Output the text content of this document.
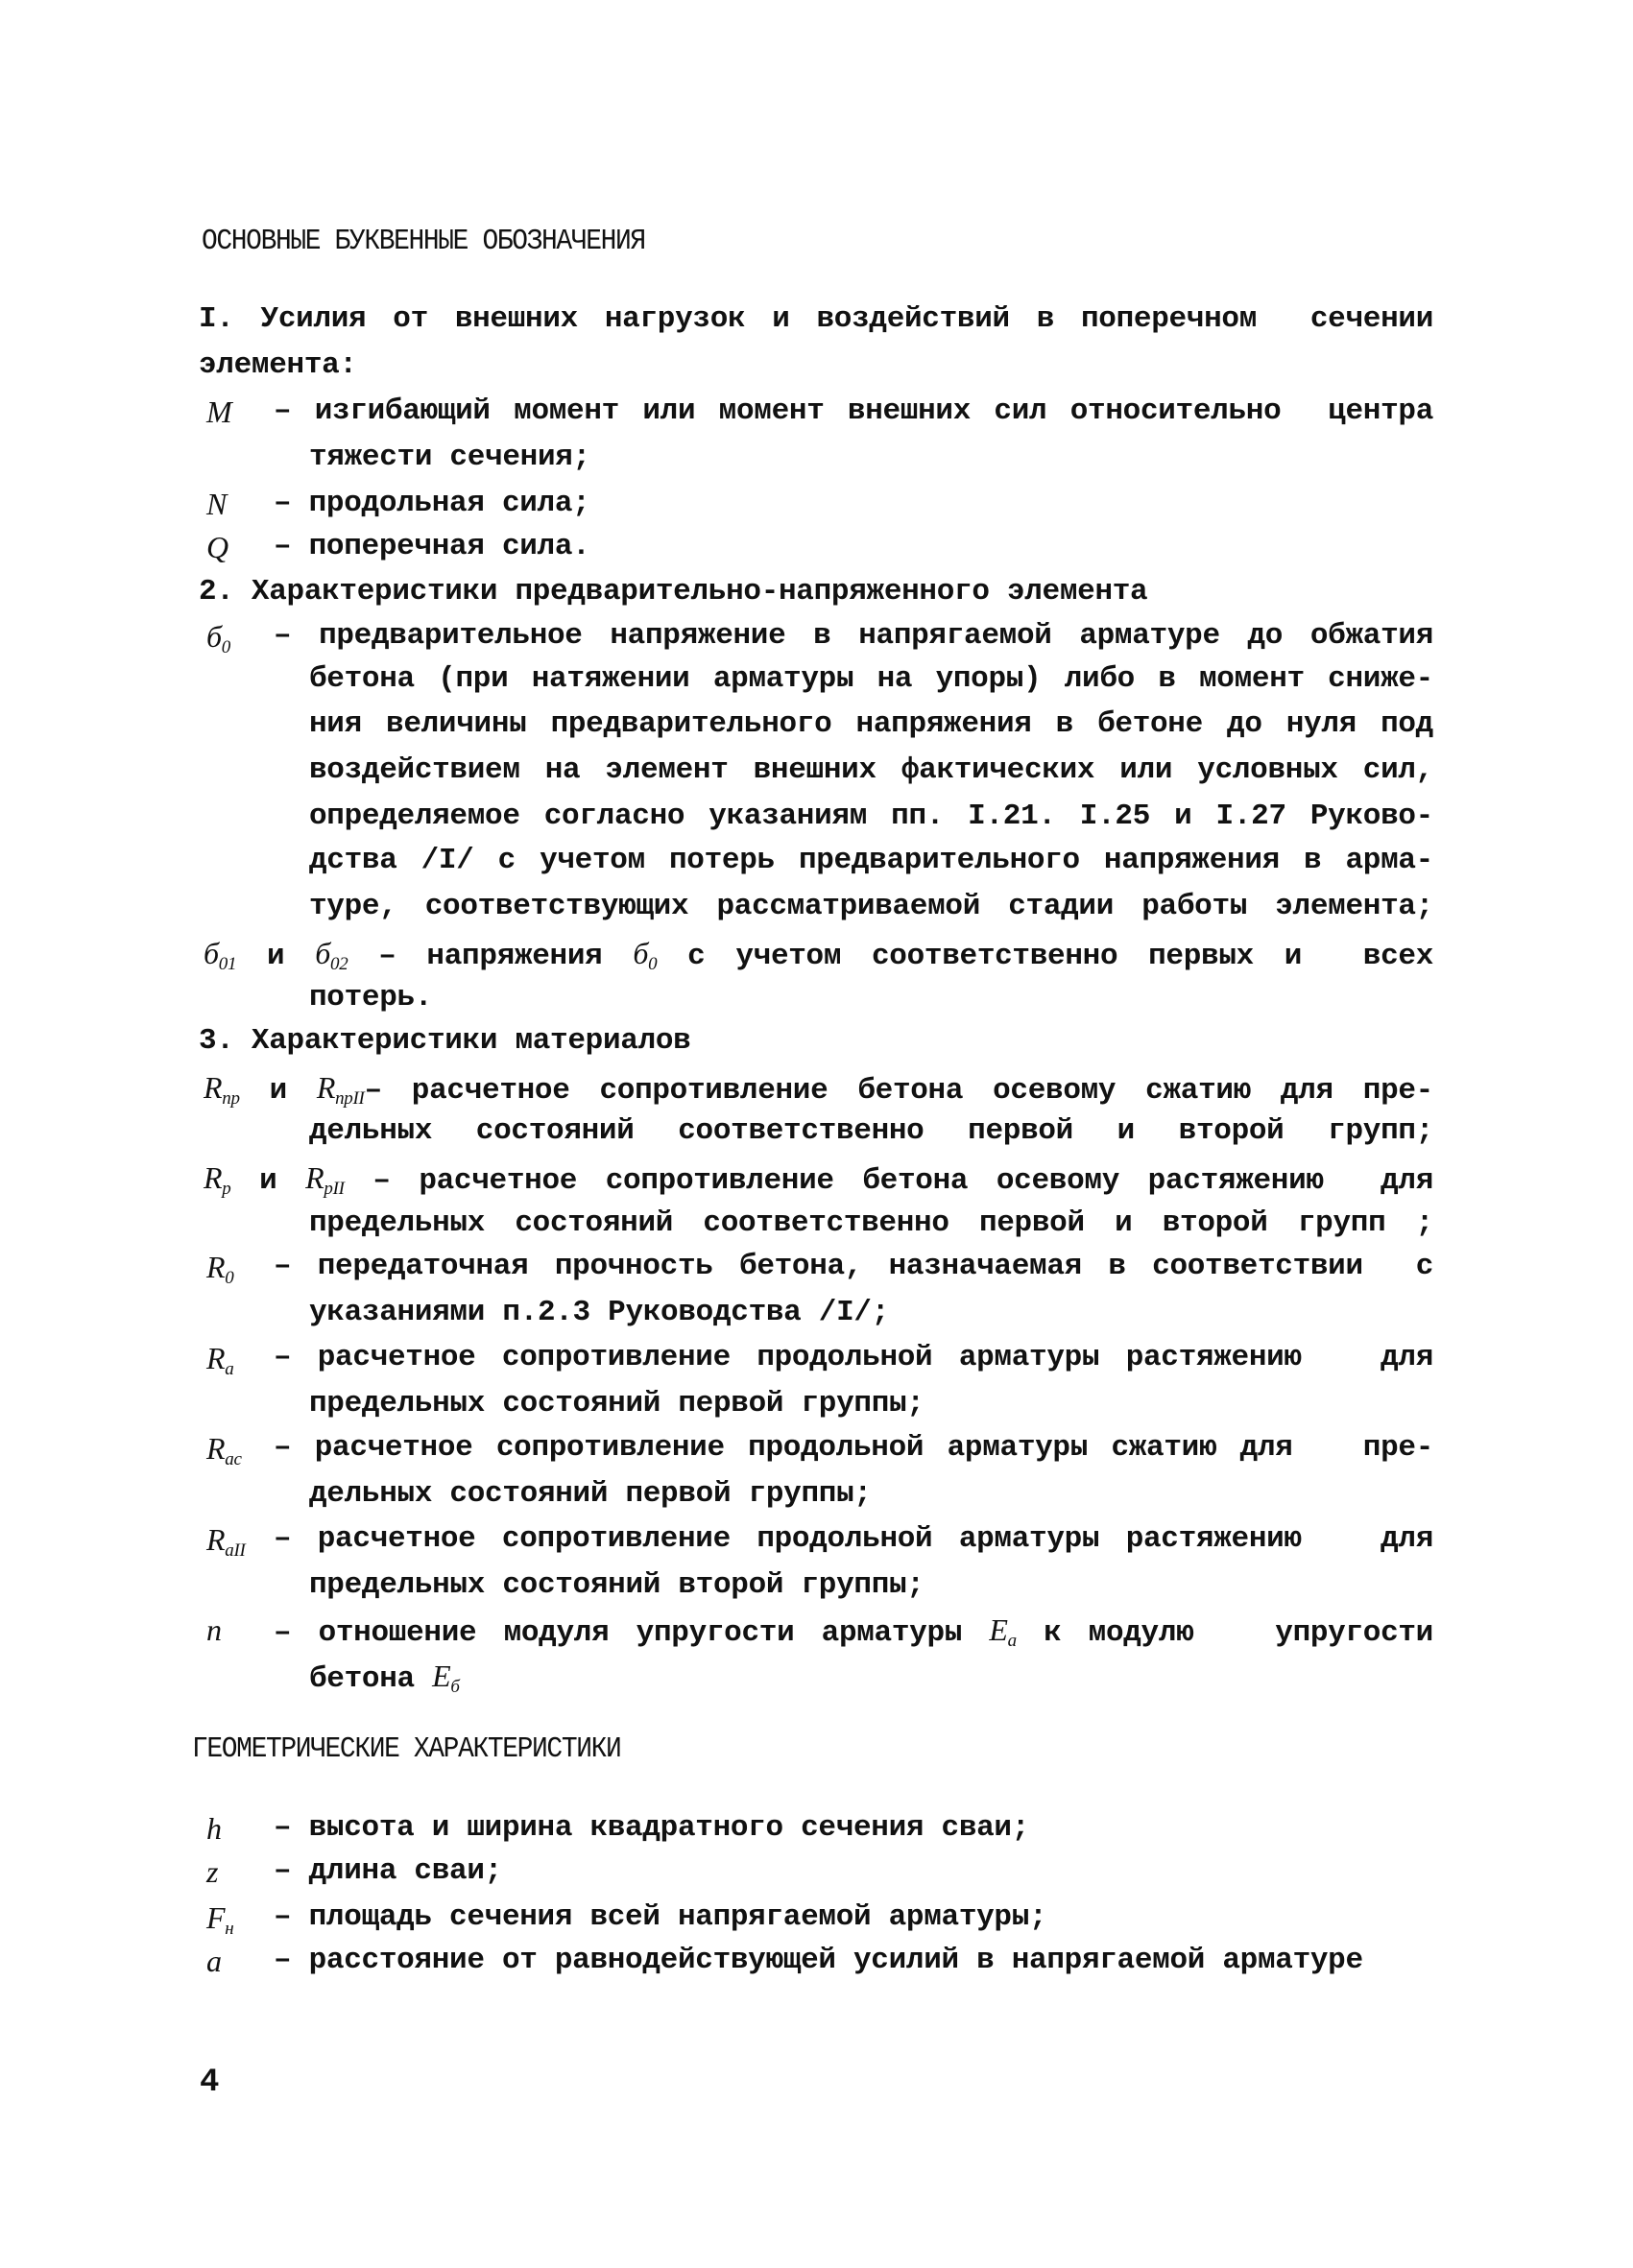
ОСНОВНЫЕ БУКВЕННЫЕ ОБОЗНАЧЕНИЯ
I. Усилия от внешних нагрузок и воздействий в поперечном  сечении
элемента:
M – изгибающий момент или момент внешних сил относительно  центра
тяжести сечения;
N – продольная сила;
Q – поперечная сила.
2. Характеристики предварительно-напряженного элемента
$б_0$ – предварительное напряжение в напрягаемой арматуре до обжатия
бетона (при натяжении арматуры на упоры) либо в момент сниже-
ния величины предварительного напряжения в бетоне до нуля под
воздействием на элемент внешних фактических или условных сил,
определяемое согласно указаниям пп. I.21. I.25 и I.27 Руково-
дства /I/ с учетом потерь предварительного напряжения в арма-
туре, соответствующих рассматриваемой стадии работы элемента;
$б_{01}$ и $б_{02}$ – напряжения $б_0$ с учетом соответственно первых и  всех
потерь.
3. Характеристики материалов
$R_{пр}$ и $R_{прII}-$ расчетное сопротивление бетона осевому сжатию для пре-
дельных состояний соответственно первой и второй групп;
$R_р$ и $R_{рII}$ – расчетное сопротивление бетона осевому растяжению  для
предельных состояний соответственно первой и второй групп ;
$R_0$ – передаточная прочность бетона, назначаемая в соответствии  с
указаниями п.2.3 Руководства /I/;
$R_а$ – расчетное сопротивление продольной арматуры растяжению   для
предельных состояний первой группы;
$R_{ас}$ – расчетное сопротивление продольной арматуры сжатию для   пре-
дельных состояний первой группы;
$R_{аII}$ – расчетное сопротивление продольной арматуры растяжению   для
предельных состояний второй группы;
n – отношение модуля упругости арматуры $E_а$ к модулю   упругости
бетона $E_б$
ГЕОМЕТРИЧЕСКИЕ ХАРАКТЕРИСТИКИ
h – высота и ширина квадратного сечения сваи;
z – длина сваи;
$F_н$ – площадь сечения всей напрягаемой арматуры;
a – расстояние от равнодействующей усилий в напрягаемой арматуре
4
